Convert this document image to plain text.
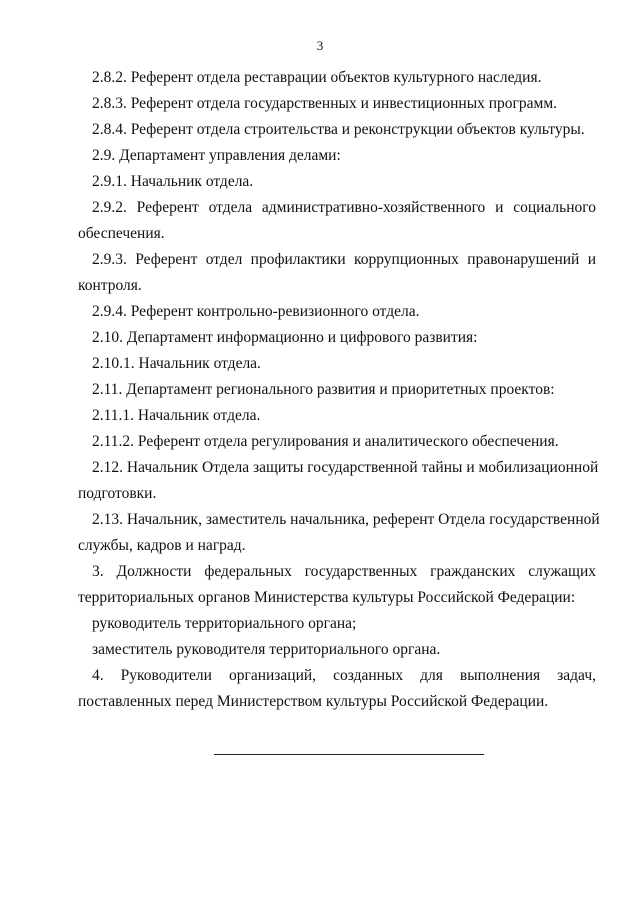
3
2.8.2. Референт отдела реставрации объектов культурного наследия.
2.8.3. Референт отдела государственных и инвестиционных программ.
2.8.4. Референт отдела строительства и реконструкции объектов культуры.
2.9. Департамент управления делами:
2.9.1. Начальник отдела.
2.9.2. Референт отдела административно-хозяйственного и социального
обеспечения.
2.9.3. Референт отдел профилактики коррупционных правонарушений и
контроля.
2.9.4. Референт контрольно-ревизионного отдела.
2.10. Департамент информационно и цифрового развития:
2.10.1. Начальник отдела.
2.11. Департамент регионального развития и приоритетных проектов:
2.11.1. Начальник отдела.
2.11.2. Референт отдела регулирования и аналитического обеспечения.
2.12. Начальник Отдела защиты государственной тайны и мобилизационной
подготовки.
2.13. Начальник, заместитель начальника, референт Отдела государственной
службы, кадров и наград.
3. Должности федеральных государственных гражданских служащих
территориальных органов Министерства культуры Российской Федерации:
руководитель территориального органа;
заместитель руководителя территориального органа.
4. Руководители организаций, созданных для выполнения задач,
поставленных перед Министерством культуры Российской Федерации.
